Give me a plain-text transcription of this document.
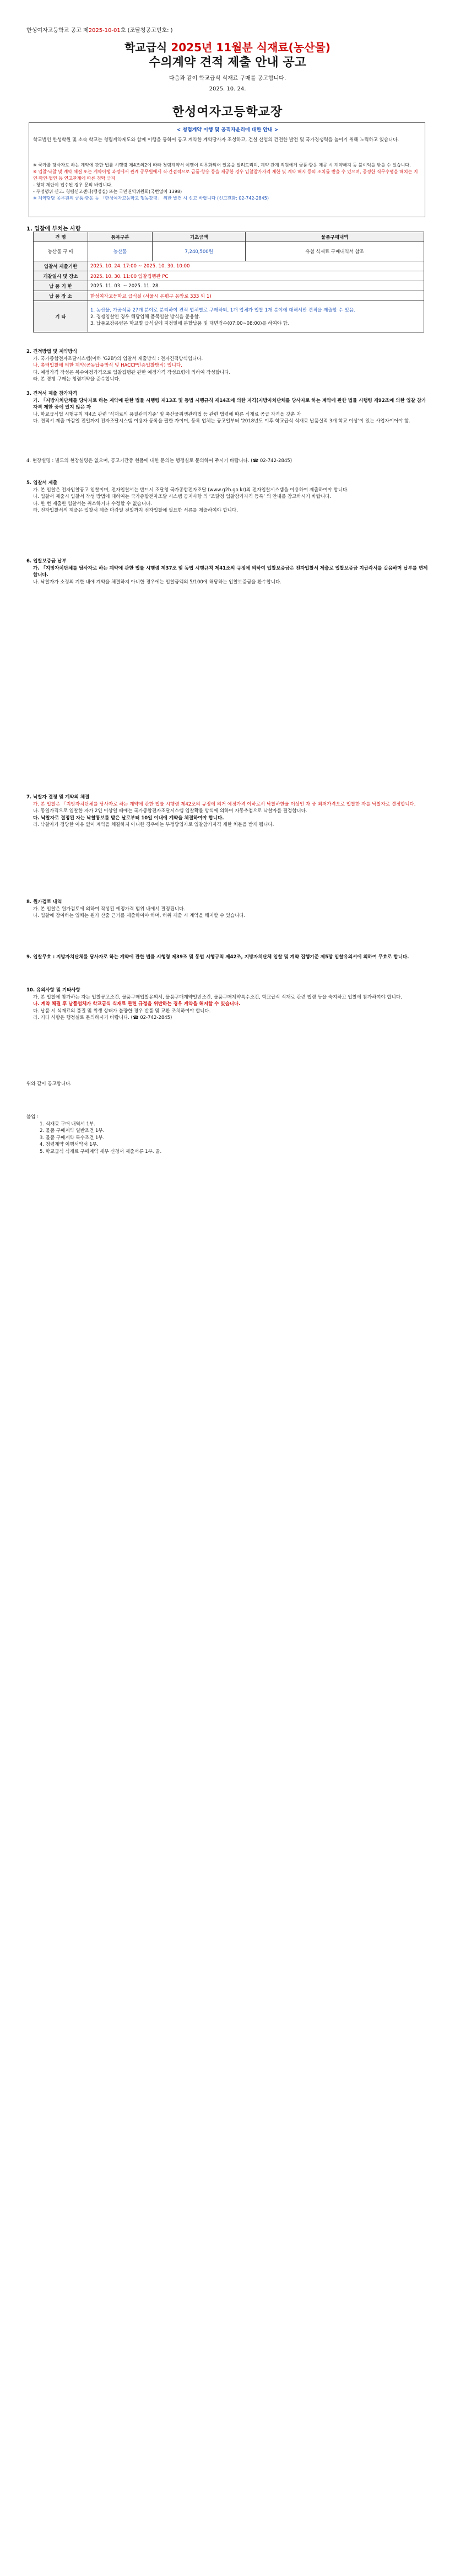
한성여자고등학교 공고 제2025-10-01호 (조달청공고번호: )
학교급식 2025년 11월분 식재료(농산물)
수의계약 견적 제출 안내 공고
다음과 같이 학교급식 식재료 구매를 공고합니다.
2025. 10. 24.
한성여자고등학교장
< 청렴계약 이행 및 공직자윤리에 대한 안내 >
학교법인 한성학원 및 소속 학교는 청렴계약제도와 함께 이행을 통하여 공고 계약한 계약당사자 조성하고, 건설 산업의 건전한 발전 및 국가경쟁력을 높이기 위해 노력하고 있습니다.
※ 국가를 당사자로 하는 계약에 관한 법률 시행령 제4조의2에 따라 청렴계약서 이행이 의무화되어 있음을 알려드리며, 계약 관계 직원에게 금품·향응 제공 시 계약해지 등 불이익을 받을 수 있습니다.
※ 입찰·낙찰 및 계약 체결 또는 계약이행 과정에서 관계 공무원에게 직·간접적으로 금품·향응 등을 제공한 경우 입찰참가자격 제한 및 계약 해지 등의 조치를 받을 수 있으며, 공정한 직무수행을 해치는 지연·학연·혈연 등 연고관계에 따른 청탁 금지
- 청탁 제안이 접수된 경우 문의 바랍니다.
- 부정행위 신고: 청렴신고센터(행정실) 또는 국민권익위원회(국번없이 1398)
※ 계약담당 공무원의 금품·향응 등 「한성여자고등학교 행동강령」 위반 발견 시 신고 바랍니다 (신고전화: 02-742-2845)
1. 입찰에 부치는 사항
건 명	품목구분	기초금액	물품구매내역
농산물 구 매	농산물	7,240,500원	유첨 식재료 구매내역서 참조
입찰서 제출기한	2025. 10. 24. 17:00 ~ 2025. 10. 30. 10:00		
개찰일시 및 장소	2025. 10. 30. 11:00 입찰집행관 PC		
납 품 기 한	2025. 11. 03. ~ 2025. 11. 28.		
납 품 장 소	한성여자고등학교 급식실 (서울시 은평구 응암로 333 외 1)		
기 타	1. 농산물, 가공식품 27개 분야로 분리하여 견적 업체별로 구매하되, 1개 업체가 입찰 1개 분야에 대해서만 견적을 제출할 수 있음.
2. 경쟁입찰인 경우 해당업체 품목입찰 방식을 준용함.
3. 납품포장용량은 학교별 급식실에 지정일에 분할납품 및 대면검수(07:00~08:00)를 하여야 함.		

2. 견적방법 및 계약방식

가. 국가종합전자조달시스템(이하 'G2B')의 입찰서 제출방식 : 전자견적방식입니다.

나. 총액입찰에 의한 계약(공동납품방식 및 HACCP인증입찰방식) 입니다.

다. 예정가격 작성은 복수예정가격으로 입찰집행관 관한 예정가격 작성요령에 의하여 작성합니다.

라. 본 경쟁 구매는 청렴계약을 준수합니다.

3. 견적서 제출 참가자격

가. 「지방자치단체를 당사자로 하는 계약에 관한 법률 시행령 제13조 및 동법 시행규칙 제14조에 의한 자격(지방자치단체를 당사자로 하는 계약에 관한 법률 시행령 제92조에 의한 입찰 참가자격 제한 중에 있지 않은 자

나. 학교급식법 시행규칙 제4조 관련 ‘식재료의 품질관리기준’ 및 축산물위생관리법 등 관련 법령에 따른 식재료 공급 자격을 갖춘 자

다. 견적서 제출 마감일 전일까지 전자조달시스템 이용자 등록을 필한 자이며, 등록 업체는 공고일부터 '2018년도 이후 학교급식 식재료 납품실적 3개 학교 이상'이 있는 사업자이어야 함.

4. 현장설명 : 별도의 현장설명은 없으며, 공고기간중 현품에 대한 문의는 행정실로 문의하여 주시기 바랍니다. (☎ 02-742-2845)

5. 입찰서 제출

가. 본 입찰은 전자입찰공고 입찰이며, 전자입찰서는 반드시 조달청 국가종합전자조달 (www.g2b.go.kr)의 전자입찰시스템을 이용하여 제출하여야 합니다.

나. 입찰서 제출시 입찰서 작성 방법에 대하여는 국가종합전자조달 시스템 공지사항 의 ‘조달청 입찰참가자격 등록’ 의 안내를 참고하시기 바랍니다.

다. 한 번 제출한 입찰서는 취소하거나 수정할 수 없습니다.

라. 전자입찰서의 제출은 입찰서 제출 마감일 전일까지 전자입찰에 필요한 서류를 제출하여야 합니다.

6. 입찰보증금 납부

가. 「지방자치단체를 당사자로 하는 계약에 관한 법률 시행령 제37조 및 동법 시행규칙 제41조의 규정에 의하여 입찰보증금은 전자입찰서 제출로 입찰보증금 지급각서를 갈음하며 납부를 면제합니다.

나. 낙찰자가 소정의 기한 내에 계약을 체결하지 아니한 경우에는 입찰금액의 5/100에 해당하는 입찰보증금을 환수합니다.

7. 낙찰자 결정 및 계약의 체결

가. 본 입찰은 「지방자치단체를 당사자로 하는 계약에 관한 법률 시행령 제42조의 규정에 의거 예정가격 이하로서 낙찰하한율 이상인 자 중 최저가격으로 입찰한 자를 낙찰자로 결정합니다.

나. 동일가격으로 입찰한 자가 2인 이상일 때에는 국가종합전자조달시스템 입찰확률 방식에 의하여 자동추첨으로 낙찰자를 결정합니다.

다. 낙찰자로 결정된 자는 낙찰통보를 받은 날로부터 10일 이내에 계약을 체결하여야 합니다.

라. 낙찰자가 정당한 이유 없이 계약을 체결하지 아니한 경우에는 부정당업자로 입찰참가자격 제한 처분을 받게 됩니다.

8. 원가검토 내역

가. 본 입찰은 원가검토에 의하여 작성된 예정가격 범위 내에서 결정됩니다.

나. 입찰에 참여하는 업체는 원가 산출 근거를 제출하여야 하며, 허위 제출 시 계약을 해지할 수 있습니다.

9. 입찰무효 : 지방자치단체를 당사자로 하는 계약에 관한 법률 시행령 제39조 및 동법 시행규칙 제42조, 지방자치단체 입찰 및 계약 집행기준 제5장 입찰유의서에 의하여 무효로 합니다.

10. 유의사항 및 기타사항

가. 본 입찰에 참가하는 자는 입찰공고조건, 물품구매입찰유의서, 물품구매계약일반조건, 물품구매계약특수조건, 학교급식 식재료 관련 법령 등을 숙지하고 입찰에 참가하여야 합니다.

나. 계약 체결 후 납품업체가 학교급식 식재료 관련 규정을 위반하는 경우 계약을 해지할 수 있습니다.

다. 납품 시 식재료의 품질 및 위생 상태가 불량한 경우 반품 및 교환 조치하여야 합니다.

라. 기타 사항은 행정실로 문의하시기 바랍니다. (☎ 02-742-2845)

위와 같이 공고합니다.

붙임 :

1. 식재료 구매 내역서 1부.

2. 물품 구매계약 일반조건 1부.

3. 물품 구매계약 특수조건 1부.

4. 청렴계약 이행서약서 1부.

5. 학교급식 식재료 구매계약 세부 신청서 제출서류 1부. 끝.
